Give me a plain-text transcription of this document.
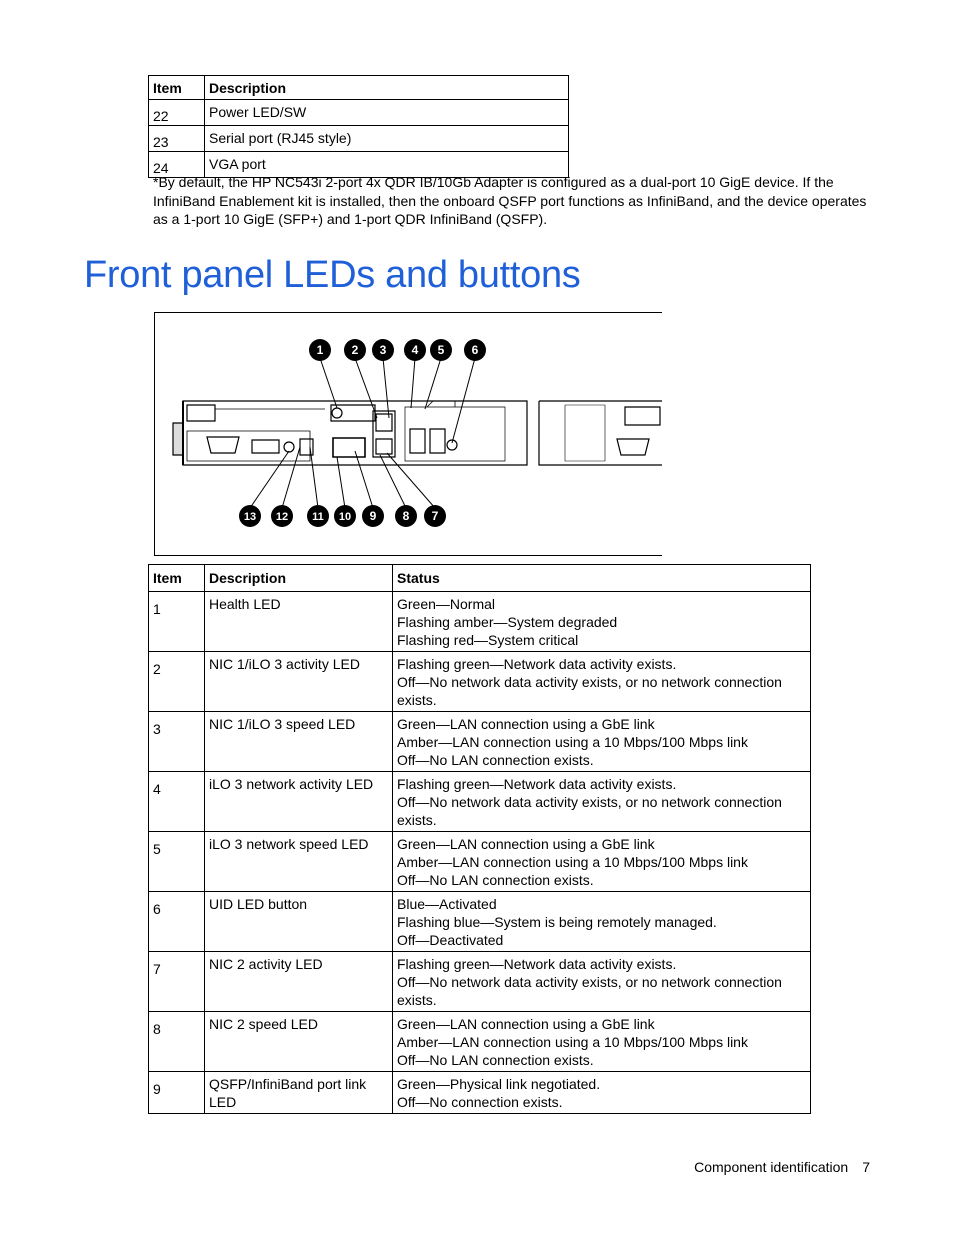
Item	Description
22	Power LED/SW
23	Serial port (RJ45 style)
24	VGA port
*By default, the HP NC543i 2-port 4x QDR IB/10Gb Adapter is configured as a dual-port 10 GigE device. If the InfiniBand Enablement kit is installed, then the onboard QSFP port functions as InfiniBand, and the device operates as a 1-port 10 GigE (SFP+) and 1-port QDR InfiniBand (QSFP).
Front panel LEDs and buttons
1 2 3 4 5 6
13 12 11 10 9 8 7
Item	Description	Status
1	Health LED	Green—Normal
Flashing amber—System degraded
Flashing red—System critical

2	NIC 1/iLO 3 activity LED	Flashing green—Network data activity exists.
Off—No network data activity exists, or no network connection exists.

3	NIC 1/iLO 3 speed LED	Green—LAN connection using a GbE link
Amber—LAN connection using a 10 Mbps/100 Mbps link
Off—No LAN connection exists.

4	iLO 3 network activity LED	Flashing green—Network data activity exists.
Off—No network data activity exists, or no network connection exists.

5	iLO 3 network speed LED	Green—LAN connection using a GbE link
Amber—LAN connection using a 10 Mbps/100 Mbps link
Off—No LAN connection exists.

6	UID LED button	Blue—Activated
Flashing blue—System is being remotely managed.
Off—Deactivated

7	NIC 2 activity LED	Flashing green—Network data activity exists.
Off—No network data activity exists, or no network connection exists.

8	NIC 2 speed LED	Green—LAN connection using a GbE link
Amber—LAN connection using a 10 Mbps/100 Mbps link
Off—No LAN connection exists.

9	QSFP/InfiniBand port link LED	Green—Physical link negotiated.
Off—No connection exists.
Component identification 7
